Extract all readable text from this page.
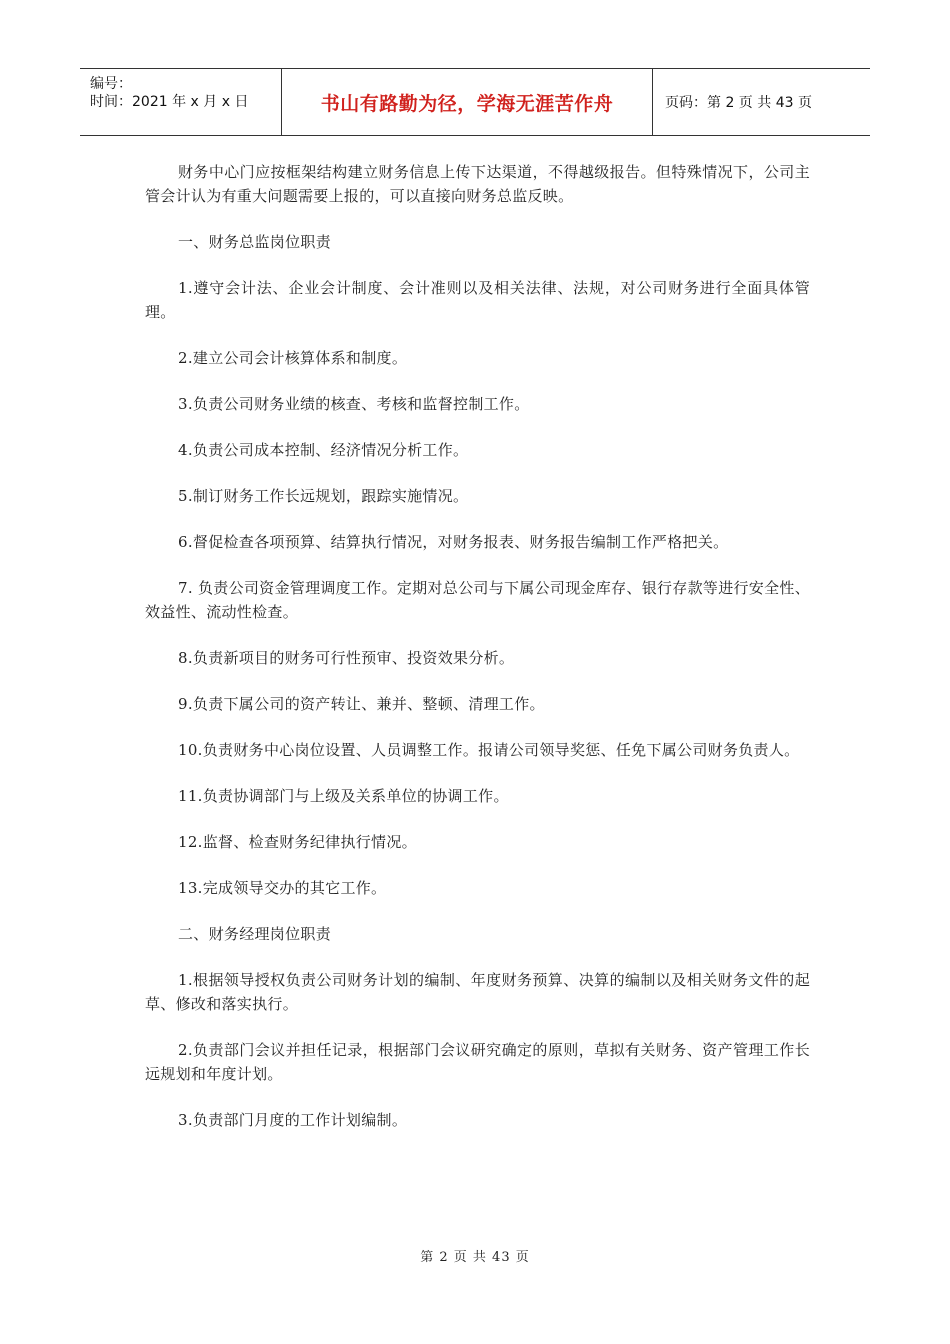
编号：
时间：2021 年 x 月 x 日	书山有路勤为径，学海无涯苦作舟	页码：第 2 页 共 43 页

财务中心门应按框架结构建立财务信息上传下达渠道，不得越级报告。但特殊情况下，公司主管会计认为有重大问题需要上报的，可以直接向财务总监反映。

一、财务总监岗位职责

1.遵守会计法、企业会计制度、会计准则以及相关法律、法规，对公司财务进行全面具体管理。

2.建立公司会计核算体系和制度。

3.负责公司财务业绩的核查、考核和监督控制工作。

4.负责公司成本控制、经济情况分析工作。

5.制订财务工作长远规划，跟踪实施情况。

6.督促检查各项预算、结算执行情况，对财务报表、财务报告编制工作严格把关。

7. 负责公司资金管理调度工作。定期对总公司与下属公司现金库存、银行存款等进行安全性、效益性、流动性检查。

8.负责新项目的财务可行性预审、投资效果分析。

9.负责下属公司的资产转让、兼并、整顿、清理工作。

10.负责财务中心岗位设置、人员调整工作。报请公司领导奖惩、任免下属公司财务负责人。

11.负责协调部门与上级及关系单位的协调工作。

12.监督、检查财务纪律执行情况。

13.完成领导交办的其它工作。

二、财务经理岗位职责

1.根据领导授权负责公司财务计划的编制、年度财务预算、决算的编制以及相关财务文件的起草、修改和落实执行。

2.负责部门会议并担任记录，根据部门会议研究确定的原则，草拟有关财务、资产管理工作长远规划和年度计划。

3.负责部门月度的工作计划编制。

第 2 页 共 43 页
